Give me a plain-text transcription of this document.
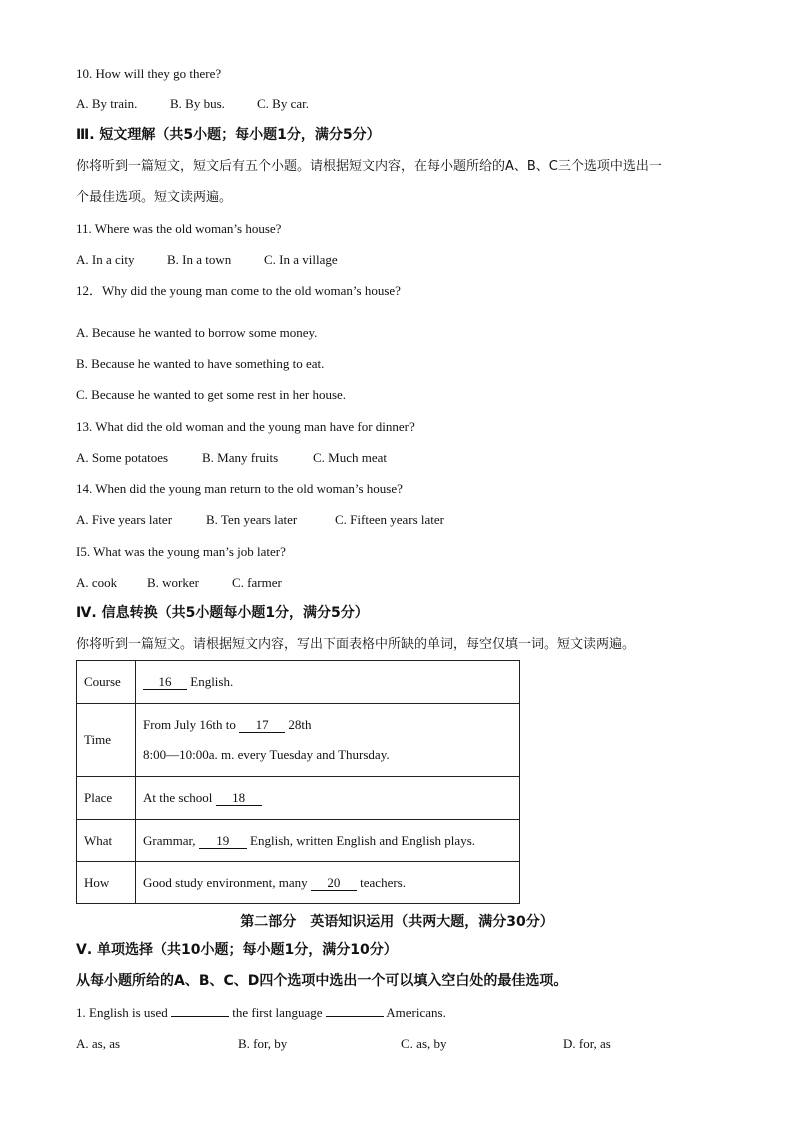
10. How will they go there?
A. By train.	B. By bus. C. By car.
Ⅲ. 短文理解（共5小题；每小题1分，满分5分）
你将听到一篇短文，短文后有五个小题。请根据短文内容，在每小题所给的A、B、C三个选项中选出一
个最佳选项。短文读两遍。
11. Where was the old woman’s house?
A. In a city	B. In a town	C. In a village
12．Why did the young man come to the old woman’s house?
A. Because he wanted to borrow some money.
B. Because he wanted to have something to eat.
C. Because he wanted to get some rest in her house.
13. What did the old woman and the young man have for dinner?
A. Some potatoes	B. Many fruits	C. Much meat
14. When did the young man return to the old woman’s house?
A. Five years later	B. Ten years later	C. Fifteen years later
I5. What was the young man’s job later?
A. cook B. worker	C. farmer
Ⅳ. 信息转换（共5小题每小题1分，满分5分）
你将听到一篇短文。请根据短文内容，写出下面表格中所缺的单词，每空仅填一词。短文读两遍。
Course	16 English.
Time	From July 16th to 17 28th
8:00—10:00a. m. every Tuesday and Thursday.

Place	At the school 18
What	Grammar, 19 English, written English and English plays.
How	Good study environment, many 20 teachers.
第二部分　英语知识运用（共两大题，满分30分）
Ⅴ. 单项选择（共10小题；每小题1分，满分10分）
从每小题所给的A、B、C、D四个选项中选出一个可以填入空白处的最佳选项。
1. English is used	the first language	Americans.
A. as, as	B. for, by	C. as, by	D. for, as
